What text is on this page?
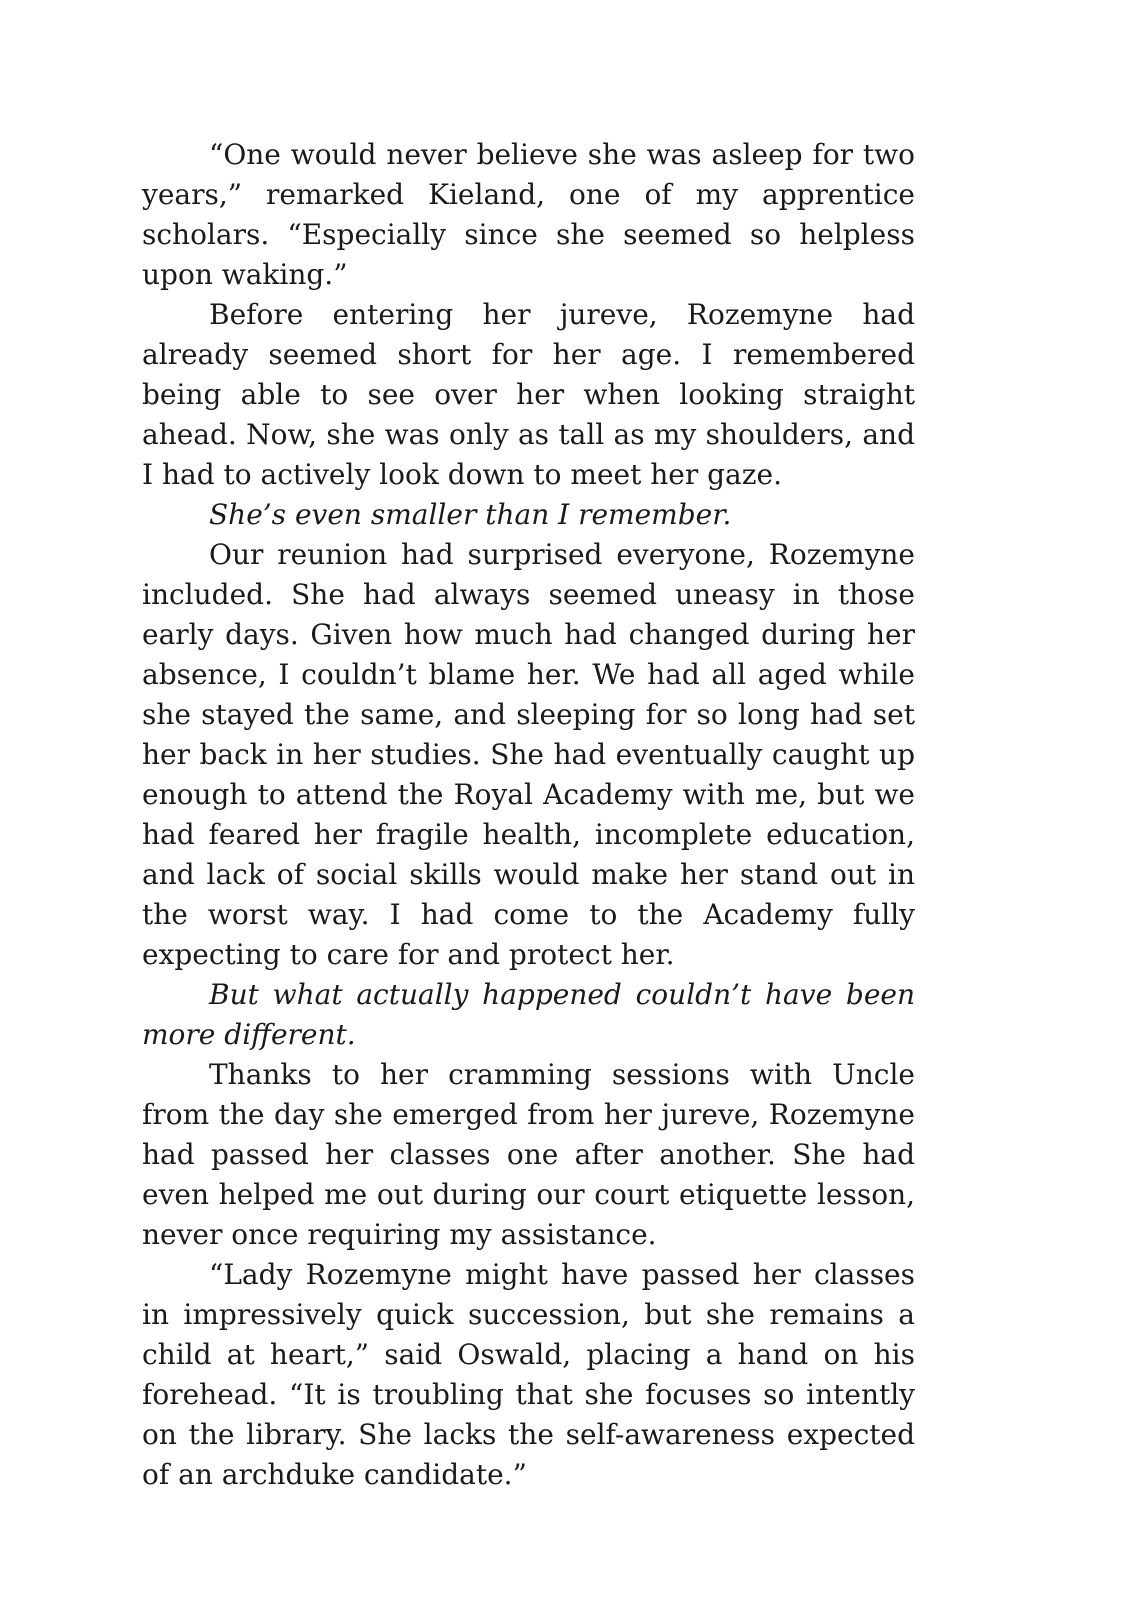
“One would never believe she was asleep for two years,” remarked Kieland, one of my apprentice scholars. “Especially since she seemed so helpless upon waking.”

Before entering her jureve, Rozemyne had already seemed short for her age. I remembered being able to see over her when looking straight ahead. Now, she was only as tall as my shoulders, and I had to actively look down to meet her gaze.

She’s even smaller than I remember.

Our reunion had surprised everyone, Rozemyne included. She had always seemed uneasy in those early days. Given how much had changed during her absence, I couldn’t blame her. We had all aged while she stayed the same, and sleeping for so long had set her back in her studies. She had eventually caught up enough to attend the Royal Academy with me, but we had feared her fragile health, incomplete education, and lack of social skills would make her stand out in the worst way. I had come to the Academy fully expecting to care for and protect her.

But what actually happened couldn’t have been more different.

Thanks to her cramming sessions with Uncle from the day she emerged from her jureve, Rozemyne had passed her classes one after another. She had even helped me out during our court etiquette lesson, never once requiring my assistance.

“Lady Rozemyne might have passed her classes in impressively quick succession, but she remains a child at heart,” said Oswald, placing a hand on his forehead. “It is troubling that she focuses so intently on the library. She lacks the self-awareness expected of an archduke candidate.”
